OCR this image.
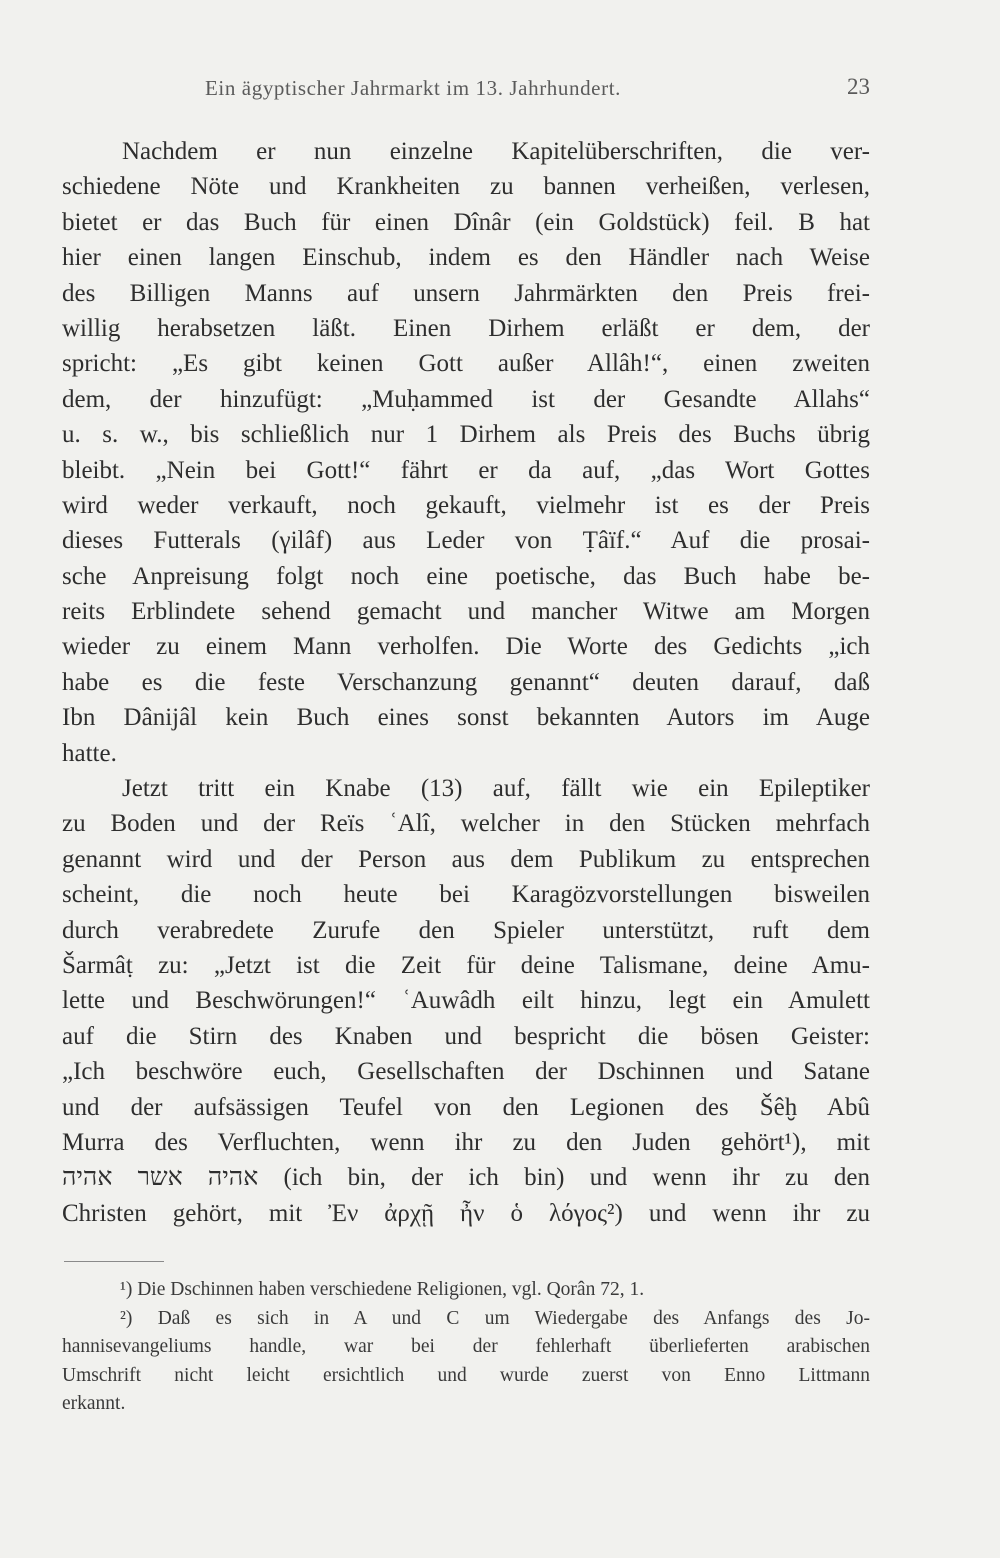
Ein ägyptischer Jahrmarkt im 13. Jahrhundert.	23
Nachdem er nun einzelne Kapitelüberschriften, die ver-
schiedene Nöte und Krankheiten zu bannen verheißen, verlesen,
bietet er das Buch für einen Dînâr (ein Goldstück) feil. B hat
hier einen langen Einschub, indem es den Händler nach Weise
des Billigen Manns auf unsern Jahrmärkten den Preis frei-
willig herabsetzen läßt. Einen Dirhem erläßt er dem, der
spricht: „Es gibt keinen Gott außer Allâh!“, einen zweiten
dem, der hinzufügt: „Muḥammed ist der Gesandte Allahs“
u. s. w., bis schließlich nur 1 Dirhem als Preis des Buchs übrig
bleibt. „Nein bei Gott!“ fährt er da auf, „das Wort Gottes
wird weder verkauft, noch gekauft, vielmehr ist es der Preis
dieses Futterals (γilâf) aus Leder von Ṭâïf.“ Auf die prosai-
sche Anpreisung folgt noch eine poetische, das Buch habe be-
reits Erblindete sehend gemacht und mancher Witwe am Morgen
wieder zu einem Mann verholfen. Die Worte des Gedichts „ich
habe es die feste Verschanzung genannt“ deuten darauf, daß
Ibn Dânijâl kein Buch eines sonst bekannten Autors im Auge
hatte.
Jetzt tritt ein Knabe (13) auf, fällt wie ein Epileptiker
zu Boden und der Reïs ʿAlî, welcher in den Stücken mehrfach
genannt wird und der Person aus dem Publikum zu entsprechen
scheint, die noch heute bei Karagözvorstellungen bisweilen
durch verabredete Zurufe den Spieler unterstützt, ruft dem
Šarmâṭ zu: „Jetzt ist die Zeit für deine Talismane, deine Amu-
lette und Beschwörungen!“ ʿAuwâdh eilt hinzu, legt ein Amulett
auf die Stirn des Knaben und bespricht die bösen Geister:
„Ich beschwöre euch, Gesellschaften der Dschinnen und Satane
und der aufsässigen Teufel von den Legionen des Šêḫ Abû
Murra des Verfluchten, wenn ihr zu den Juden gehört¹), mit
אהיה אשר אהיה (ich bin, der ich bin) und wenn ihr zu den
Christen gehört, mit Ἐν ἀρχῇ ἦν ὁ λόγος²) und wenn ihr zu
¹) Die Dschinnen haben verschiedene Religionen, vgl. Qorân 72, 1.
²) Daß es sich in A und C um Wiedergabe des Anfangs des Jo-
hannisevangeliums handle, war bei der fehlerhaft überlieferten arabischen
Umschrift nicht leicht ersichtlich und wurde zuerst von Enno Littmann
erkannt.
